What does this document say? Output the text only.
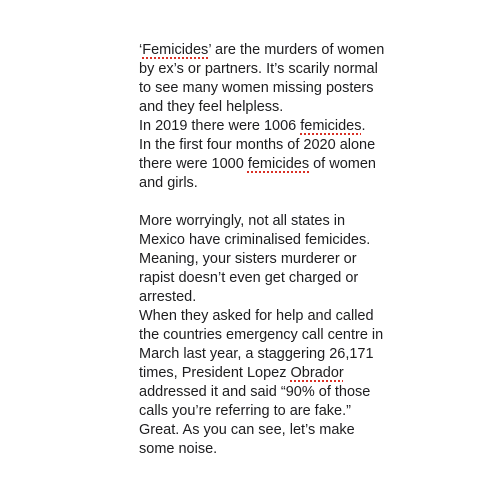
‘Femicides’ are the murders of women
by ex’s or partners. It’s scarily normal
to see many women missing posters
and they feel helpless.
In 2019 there were 1006 femicides.
In the first four months of 2020 alone
there were 1000 femicides of women
and girls.
More worryingly, not all states in
Mexico have criminalised femicides.
Meaning, your sisters murderer or
rapist doesn’t even get charged or
arrested.
When they asked for help and called
the countries emergency call centre in
March last year, a staggering 26,171
times, President Lopez Obrador
addressed it and said “90% of those
calls you’re referring to are fake.”
Great. As you can see, let’s make
some noise.
